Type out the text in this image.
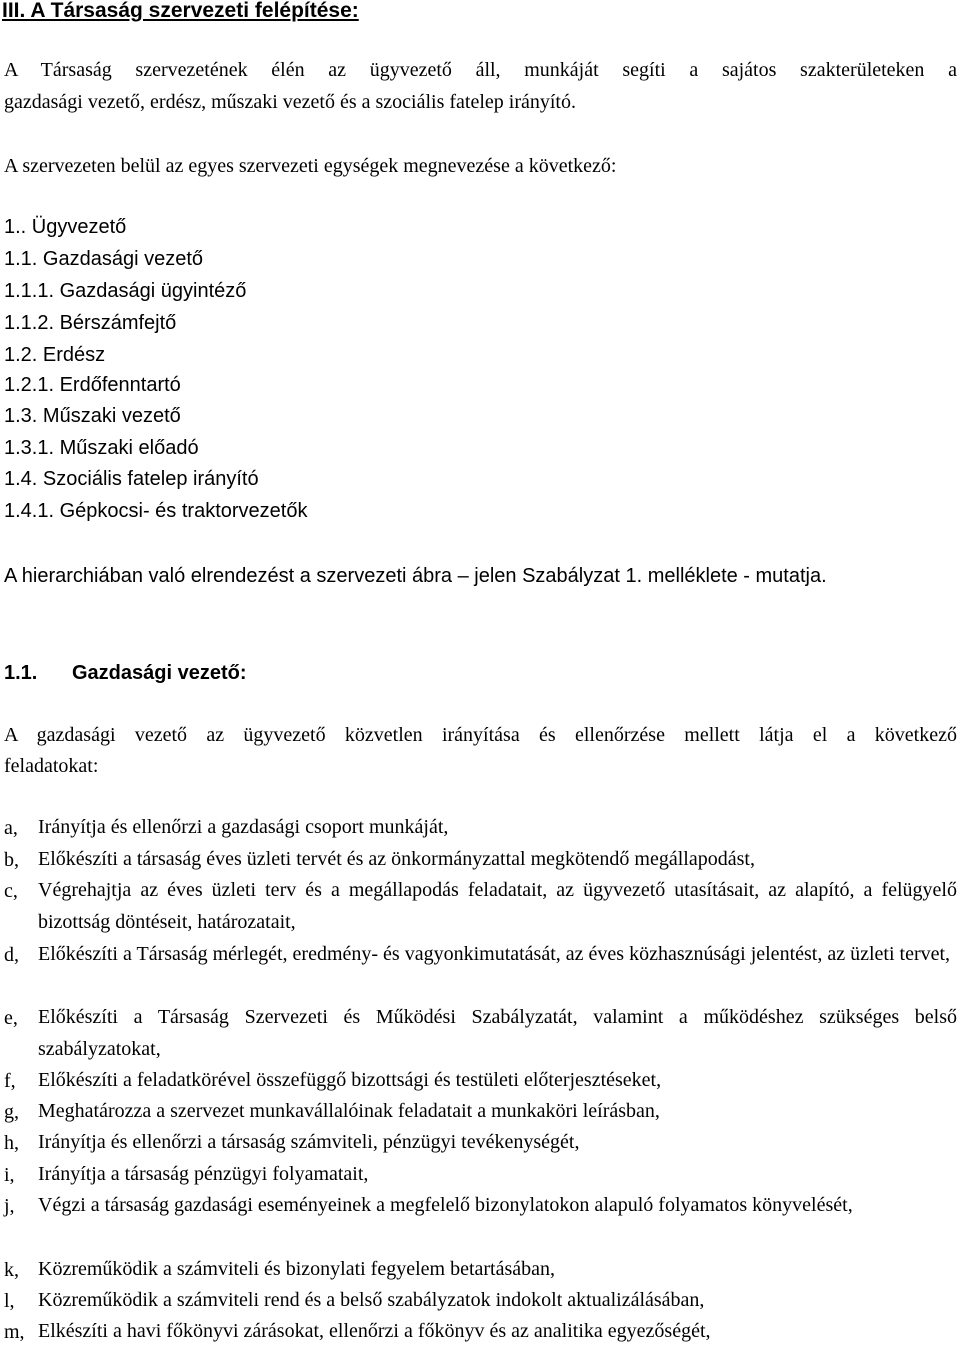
III. A Társaság szervezeti felépítése:
A Társaság szervezetének élén az ügyvezető áll, munkáját segíti a sajátos szakterületeken a
gazdasági vezető, erdész, műszaki vezető és a szociális fatelep irányító.
A szervezeten belül az egyes szervezeti egységek megnevezése a következő:
1.. Ügyvezető
1.1. Gazdasági vezető
1.1.1. Gazdasági ügyintéző
1.1.2. Bérszámfejtő
1.2. Erdész
1.2.1. Erdőfenntartó
1.3. Műszaki vezető
1.3.1. Műszaki előadó
1.4. Szociális fatelep irányító
1.4.1. Gépkocsi- és traktorvezetők
A hierarchiában való elrendezést a szervezeti ábra – jelen Szabályzat 1. melléklete - mutatja.
1.1. Gazdasági vezető:
A gazdasági vezető az ügyvezető közvetlen irányítása és ellenőrzése mellett látja el a következő
feladatokat:
a, Irányítja és ellenőrzi a gazdasági csoport munkáját,
b, Előkészíti a társaság éves üzleti tervét és az önkormányzattal megkötendő megállapodást,
c, Végrehajtja az éves üzleti terv és a megállapodás feladatait, az ügyvezető utasításait, az alapító, a felügyelő bizottság döntéseit, határozatait,
d, Előkészíti a Társaság mérlegét, eredmény- és vagyonkimutatását, az éves közhasznúsági jelentést, az üzleti tervet,
e, Előkészíti a Társaság Szervezeti és Működési Szabályzatát, valamint a működéshez szükséges belső szabályzatokat,
f, Előkészíti a feladatkörével összefüggő bizottsági és testületi előterjesztéseket,
g, Meghatározza a szervezet munkavállalóinak feladatait a munkaköri leírásban,
h, Irányítja és ellenőrzi a társaság számviteli, pénzügyi tevékenységét,
i, Irányítja a társaság pénzügyi folyamatait,
j, Végzi a társaság gazdasági eseményeinek a megfelelő bizonylatokon alapuló folyamatos könyvelését,
k, Közreműködik a számviteli és bizonylati fegyelem betartásában,
l, Közreműködik a számviteli rend és a belső szabályzatok indokolt aktualizálásában,
m, Elkészíti a havi főkönyvi zárásokat, ellenőrzi a főkönyv és az analitika egyezőségét,
